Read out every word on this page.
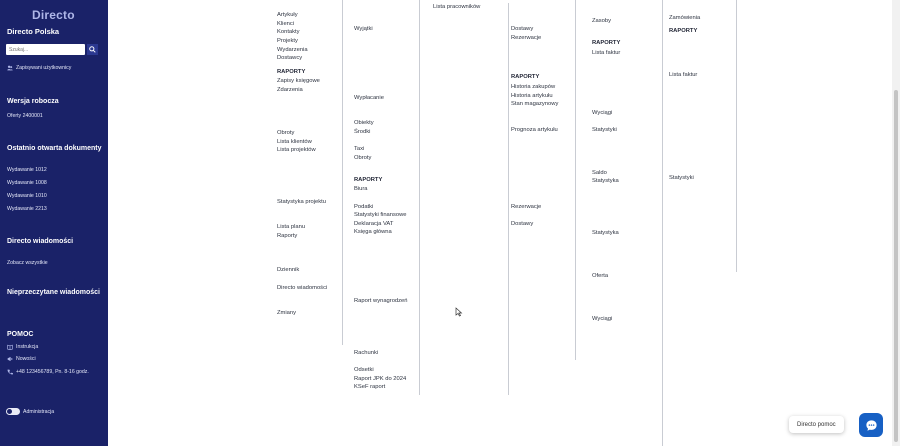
Directo
Directo Polska
Szukaj...
Zapisywani użytkownicy
Wersja robocza
Oferty 2400001
Ostatnio otwarta dokumenty
Wydawanie 1012
Wydawanie 1008
Wydawanie 1010
Wydawanie 2213
Directo wiadomości
Zobacz wszystkie
Nieprzeczytane wiadomości
POMOC
Instrukcja
Nowości
+48 123456789, Pn. 8-16 godz.
Administracja
Artykuły
Klienci
Kontakty
Projekty
Wydarzenia
Dostawcy
RAPORTY
Zapisy księgowe
Zdarzenia
Obroty
Lista klientów
Lista projektów
Statystyka projektu
Lista planu
Raporty
Dziennik
Directo wiadomości
Zmiany
Wyjątki
Wypłacanie
Obiekty
Środki
Taxi
Obroty
RAPORTY
Biura
Podatki
Statystyki finansowe
Deklaracja VAT
Księga główna
Raport wynagrodzeń
Rachunki
Odsetki
Raport JPK do 2024
KSeF raport
Lista pracowników
Dostawy
Rezerwacje
RAPORTY
Historia zakupów
Historia artykułu
Stan magazynowy
Prognoza artykułu
Rezerwacje
Dostawy
Zasoby
RAPORTY
Lista faktur
Wyciągi
Statystyki
Saldo
Statystyka
Statystyka
Oferta
Wyciągi
Zamówienia
RAPORTY
Lista faktur
Statystyki
Directo pomoc
